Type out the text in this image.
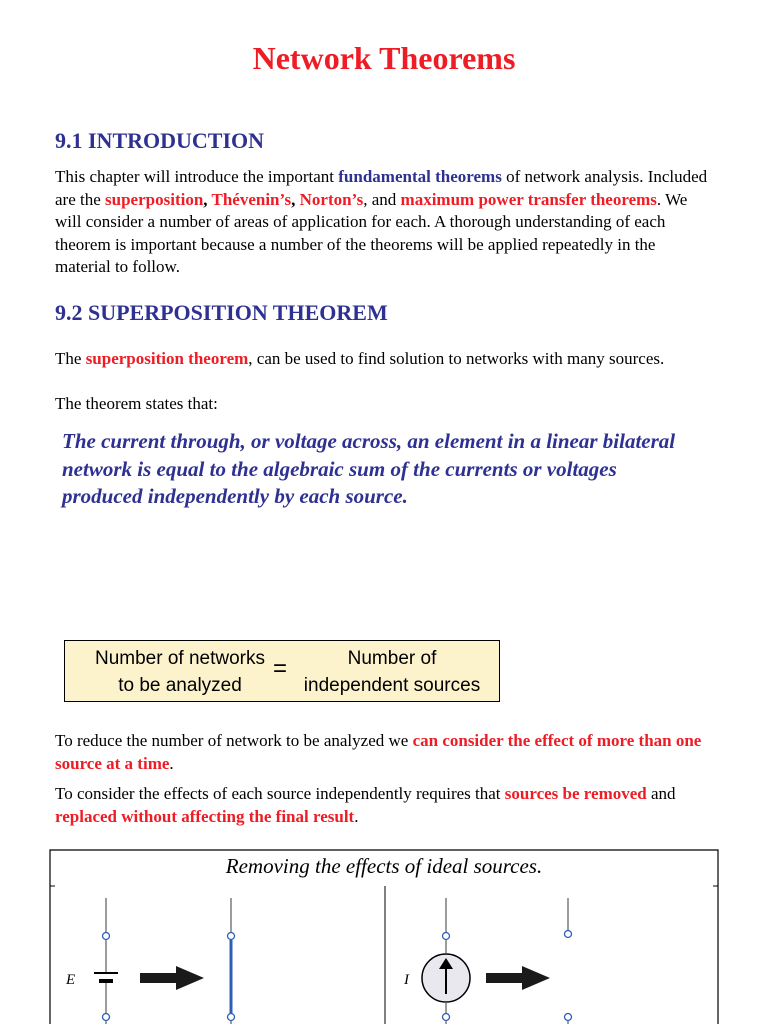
Network Theorems
9.1 INTRODUCTION
This chapter will introduce the important fundamental theorems of network analysis. Included are the superposition, Thévenin’s, Norton’s, and maximum power transfer theorems. We will consider a number of areas of application for each. A thorough understanding of each theorem is important because a number of the theorems will be applied repeatedly in the material to follow.
9.2 SUPERPOSITION THEOREM
The superposition theorem, can be used to find solution to networks with many sources.
The theorem states that:
The current through, or voltage across, an element in a linear bilateral network is equal to the algebraic sum of the currents or voltages produced independently by each source.
Number of networks
to be analyzed
=	Number of
independent sources
To reduce the number of network to be analyzed we can consider the effect of more than one source at a time.
To consider the effects of each source independently requires that sources be removed and replaced without affecting the final result.
Removing the effects of ideal sources.
E	I
